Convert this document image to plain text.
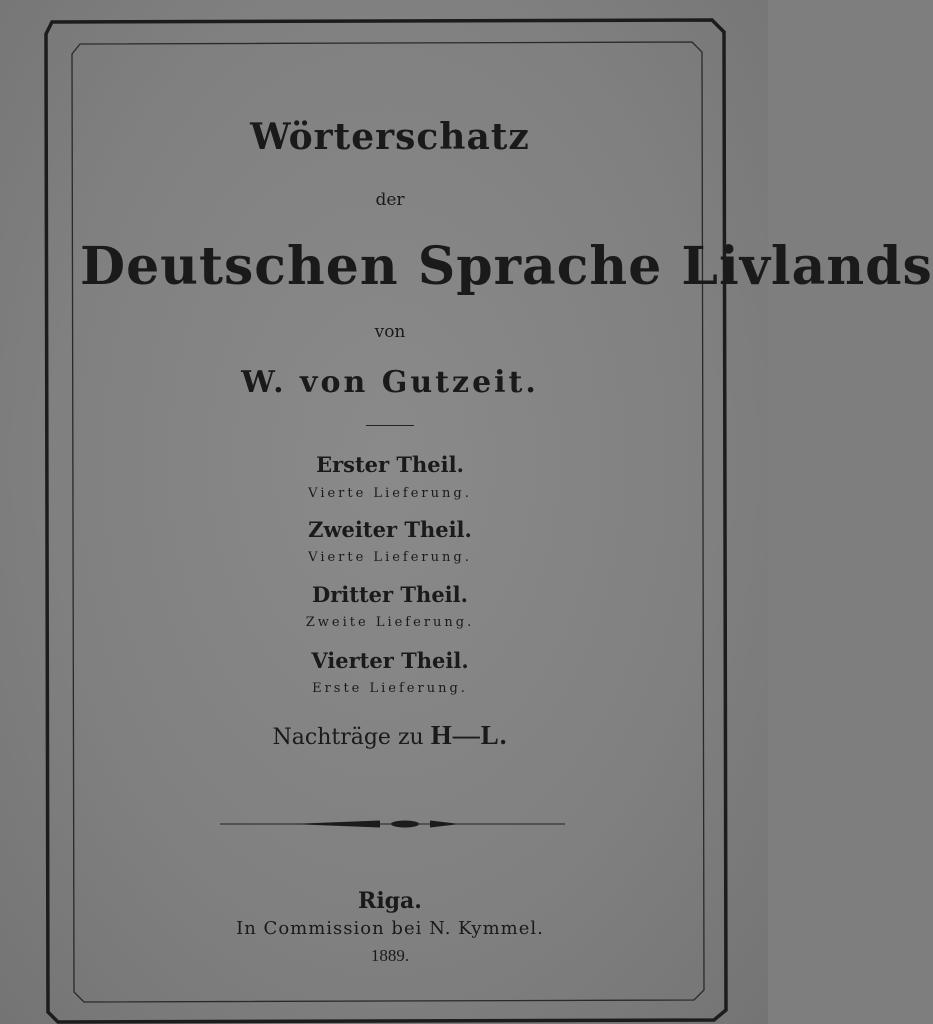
Wörterschatz
der
Deutschen Sprache Livlands
von
W. von Gutzeit.
Erster Theil.
Vierte Lieferung.
Zweiter Theil.
Vierte Lieferung.
Dritter Theil.
Zweite Lieferung.
Vierter Theil.
Erste Lieferung.
Nachträge zu H—L.
Riga.
In Commission bei N. Kymmel.
1889.
